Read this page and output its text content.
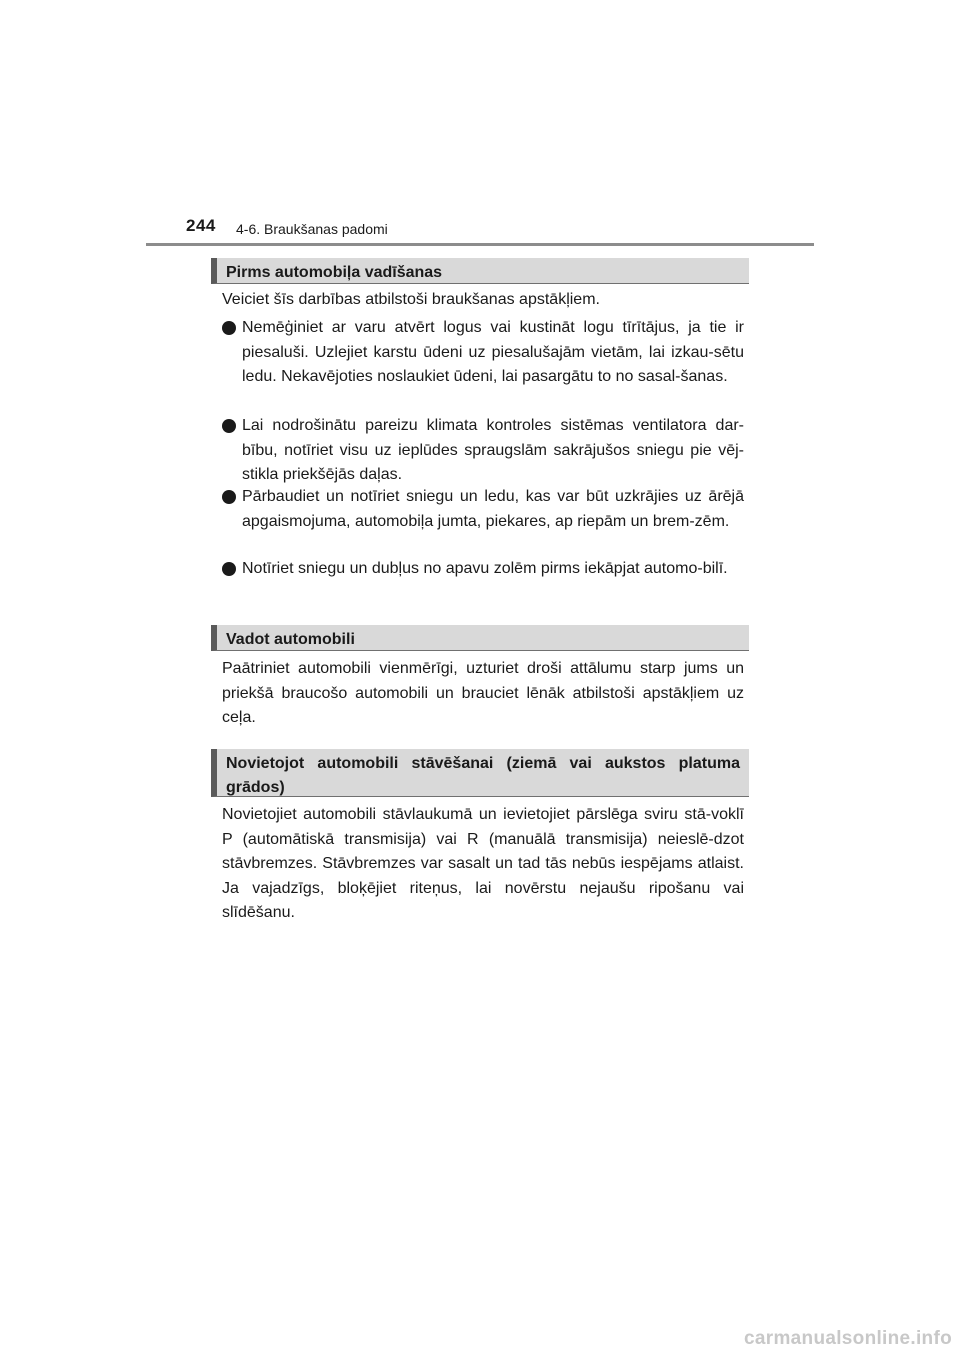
244 4-6. Braukšanas padomi
Pirms automobiļa vadīšanas

Veiciet šīs darbības atbilstoši braukšanas apstākļiem.

Nemēģiniet ar varu atvērt logus vai kustināt logu tīrītājus, ja tie ir piesaluši. Uzlejiet karstu ūdeni uz piesalušajām vietām, lai izkau-sētu ledu. Nekavējoties noslaukiet ūdeni, lai pasargātu to no sasal-šanas.
Lai nodrošinātu pareizu klimata kontroles sistēmas ventilatora dar-bību, notīriet visu uz ieplūdes spraugslām sakrājušos sniegu pie vēj-stikla priekšējās daļas.
Pārbaudiet un notīriet sniegu un ledu, kas var būt uzkrājies uz ārējā apgaismojuma, automobiļa jumta, piekares, ap riepām un brem-zēm.
Notīriet sniegu un dubļus no apavu zolēm pirms iekāpjat automo-bilī.
Vadot automobili

Paātriniet automobili vienmērīgi, uzturiet droši attālumu starp jums un priekšā braucošo automobili un brauciet lēnāk atbilstoši apstākļiem uz ceļa.

Novietojot automobili stāvēšanai (ziemā vai aukstos platuma grādos)

Novietojiet automobili stāvlaukumā un ievietojiet pārslēga sviru stā-voklī P (automātiskā transmisija) vai R (manuālā transmisija) neieslē-dzot stāvbremzes. Stāvbremzes var sasalt un tad tās nebūs iespējams atlaist. Ja vajadzīgs, bloķējiet riteņus, lai novērstu nejaušu ripošanu vai slīdēšanu.

carmanualsonline.info
